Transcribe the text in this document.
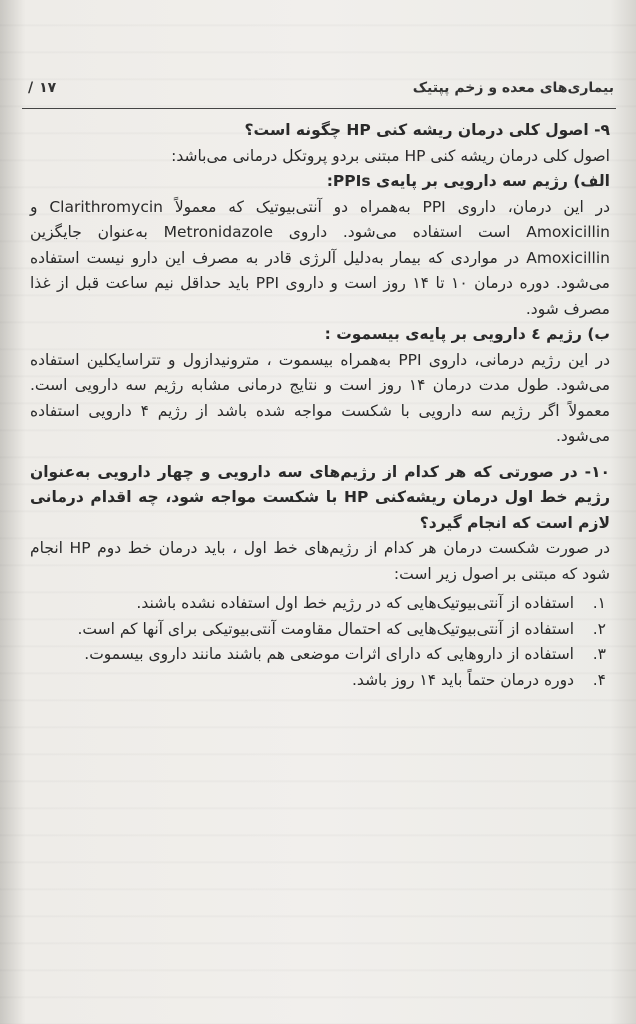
بیماری‌های معده و زخم پپتیک
/ ۱۷

۹- اصول کلی درمان ریشه کنی HP چگونه است؟

اصول کلی درمان ریشه کنی HP مبتنی بردو پروتکل درمانی می‌باشد:

الف) رژیم سه دارویی بر پایه‌ی PPIs:

در این درمان، داروی PPI به‌همراه دو آنتی‌بیوتیک که معمولاً Clarithromycin و Amoxicillin است استفاده می‌شود. داروی Metronidazole به‌عنوان جایگزین Amoxicillin در مواردی که بیمار به‌دلیل آلرژی قادر به مصرف این دارو نیست استفاده می‌شود. دوره درمان ۱۰ تا ۱۴ روز است و داروی PPI باید حداقل نیم ساعت قبل از غذا مصرف شود.

ب) رژیم ٤ دارویی بر پایه‌ی بیسموت :

در این رژیم درمانی، داروی PPI به‌همراه بیسموت ، مترونیدازول و تتراسایکلین استفاده می‌شود. طول مدت درمان ۱۴ روز است و نتایج درمانی مشابه رژیم سه دارویی است. معمولاً اگر رژیم سه دارویی با شکست مواجه شده باشد از رژیم ۴ دارویی استفاده می‌شود.

۱۰- در صورتی که هر کدام از رژیم‌های سه دارویی و چهار دارویی به‌عنوان رژیم خط اول درمان ریشه‌کنی HP با شکست مواجه شود، چه اقدام درمانی لازم است که انجام گیرد؟

در صورت شکست درمان هر کدام از رژیم‌های خط اول ، باید درمان خط دوم HP انجام شود که مبتنی بر اصول زیر است:

۱.
استفاده از آنتی‌بیوتیک‌هایی که در رژیم خط اول استفاده نشده باشند.
۲.
استفاده از آنتی‌بیوتیک‌هایی که احتمال مقاومت آنتی‌بیوتیکی برای آنها کم است.
۳.
استفاده از داروهایی که دارای اثرات موضعی هم باشند مانند داروی بیسموت.
۴.
دوره درمان حتماً باید ۱۴ روز باشد.
